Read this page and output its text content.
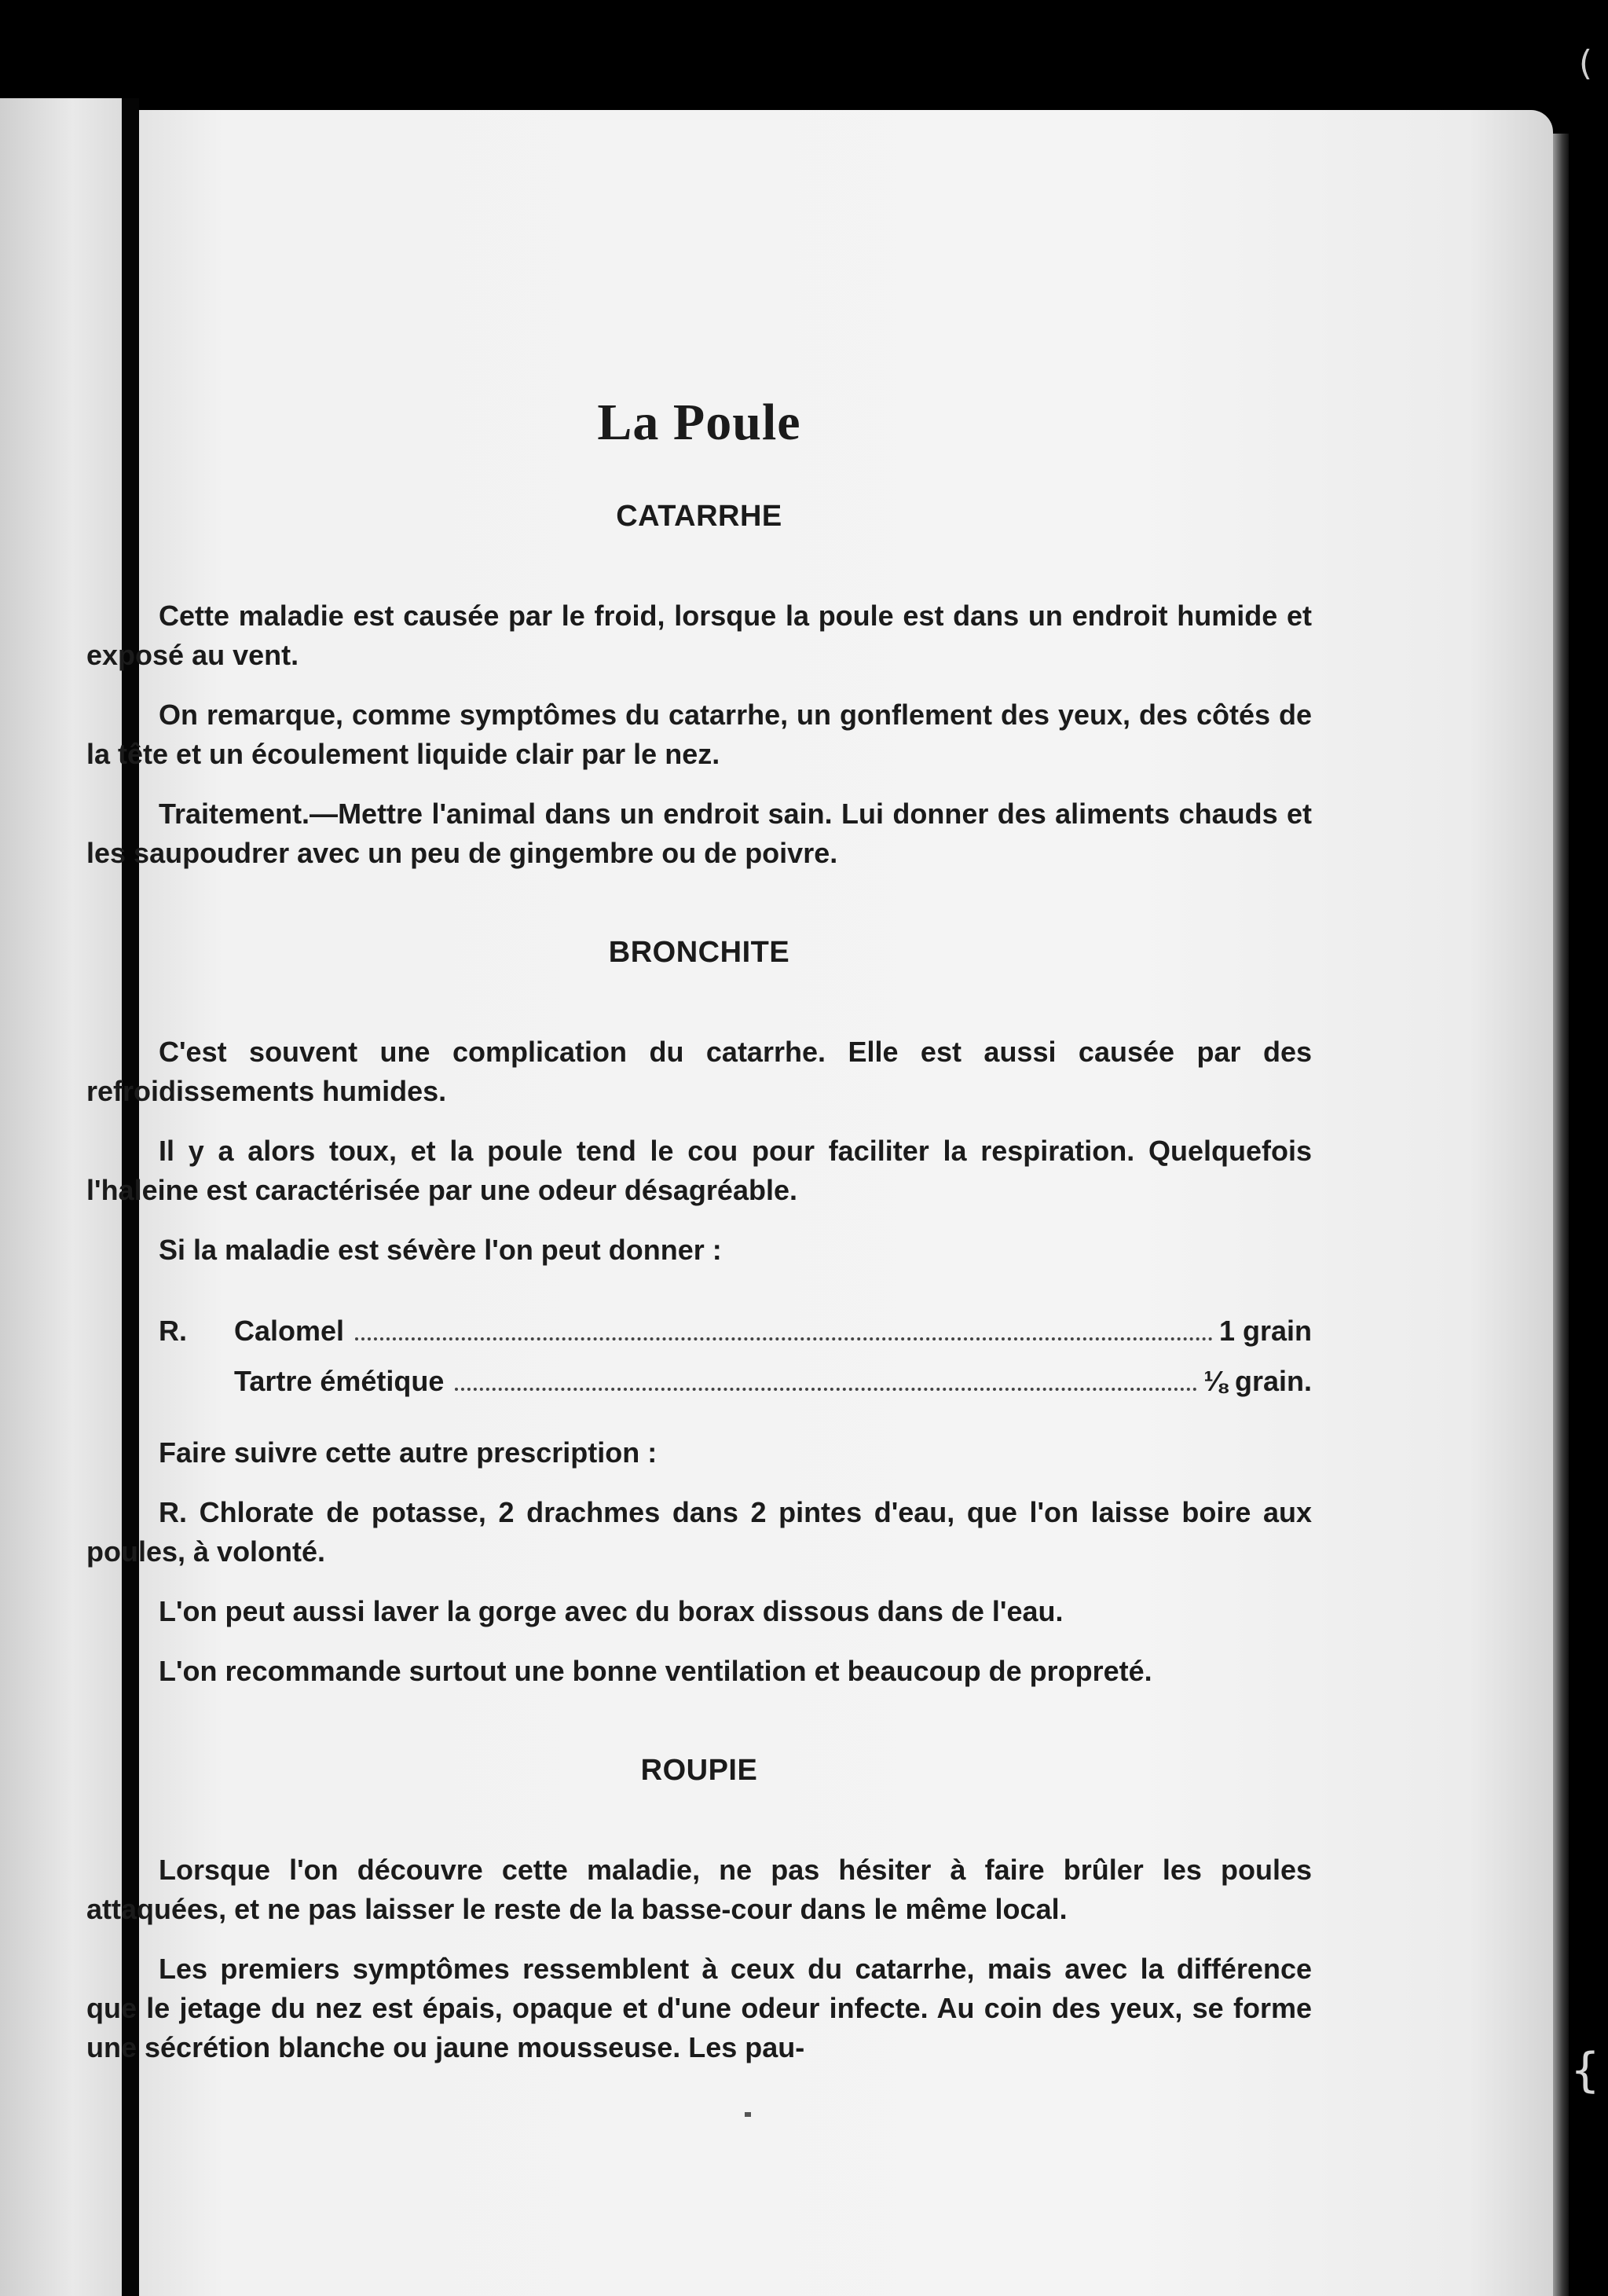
(
{
La Poule
CATARRHE

Cette maladie est causée par le froid, lorsque la poule est dans un endroit humide et exposé au vent.

On remarque, comme symptômes du catarrhe, un gonflement des yeux, des côtés de la tête et un écoulement liquide clair par le nez.

Traitement.—Mettre l'animal dans un endroit sain. Lui donner des aliments chauds et les saupoudrer avec un peu de gingembre ou de poivre.

BRONCHITE

C'est souvent une complication du catarrhe. Elle est aussi causée par des refroidissements humides.

Il y a alors toux, et la poule tend le cou pour faciliter la respiration. Quelquefois l'haleine est caractérisée par une odeur désagréable.

Si la maladie est sévère l'on peut donner :

R.	Calomel	1 grain
Tartre émétique	⅛ grain.

Faire suivre cette autre prescription :

R. Chlorate de potasse, 2 drachmes dans 2 pintes d'eau, que l'on laisse boire aux poules, à volonté.

L'on peut aussi laver la gorge avec du borax dissous dans de l'eau.

L'on recommande surtout une bonne ventilation et beaucoup de propreté.

ROUPIE

Lorsque l'on découvre cette maladie, ne pas hésiter à faire brûler les poules attaquées, et ne pas laisser le reste de la basse-cour dans le même local.

Les premiers symptômes ressemblent à ceux du catarrhe, mais avec la différence que le jetage du nez est épais, opaque et d'une odeur infecte. Au coin des yeux, se forme une sécrétion blanche ou jaune mousseuse. Les pau-
